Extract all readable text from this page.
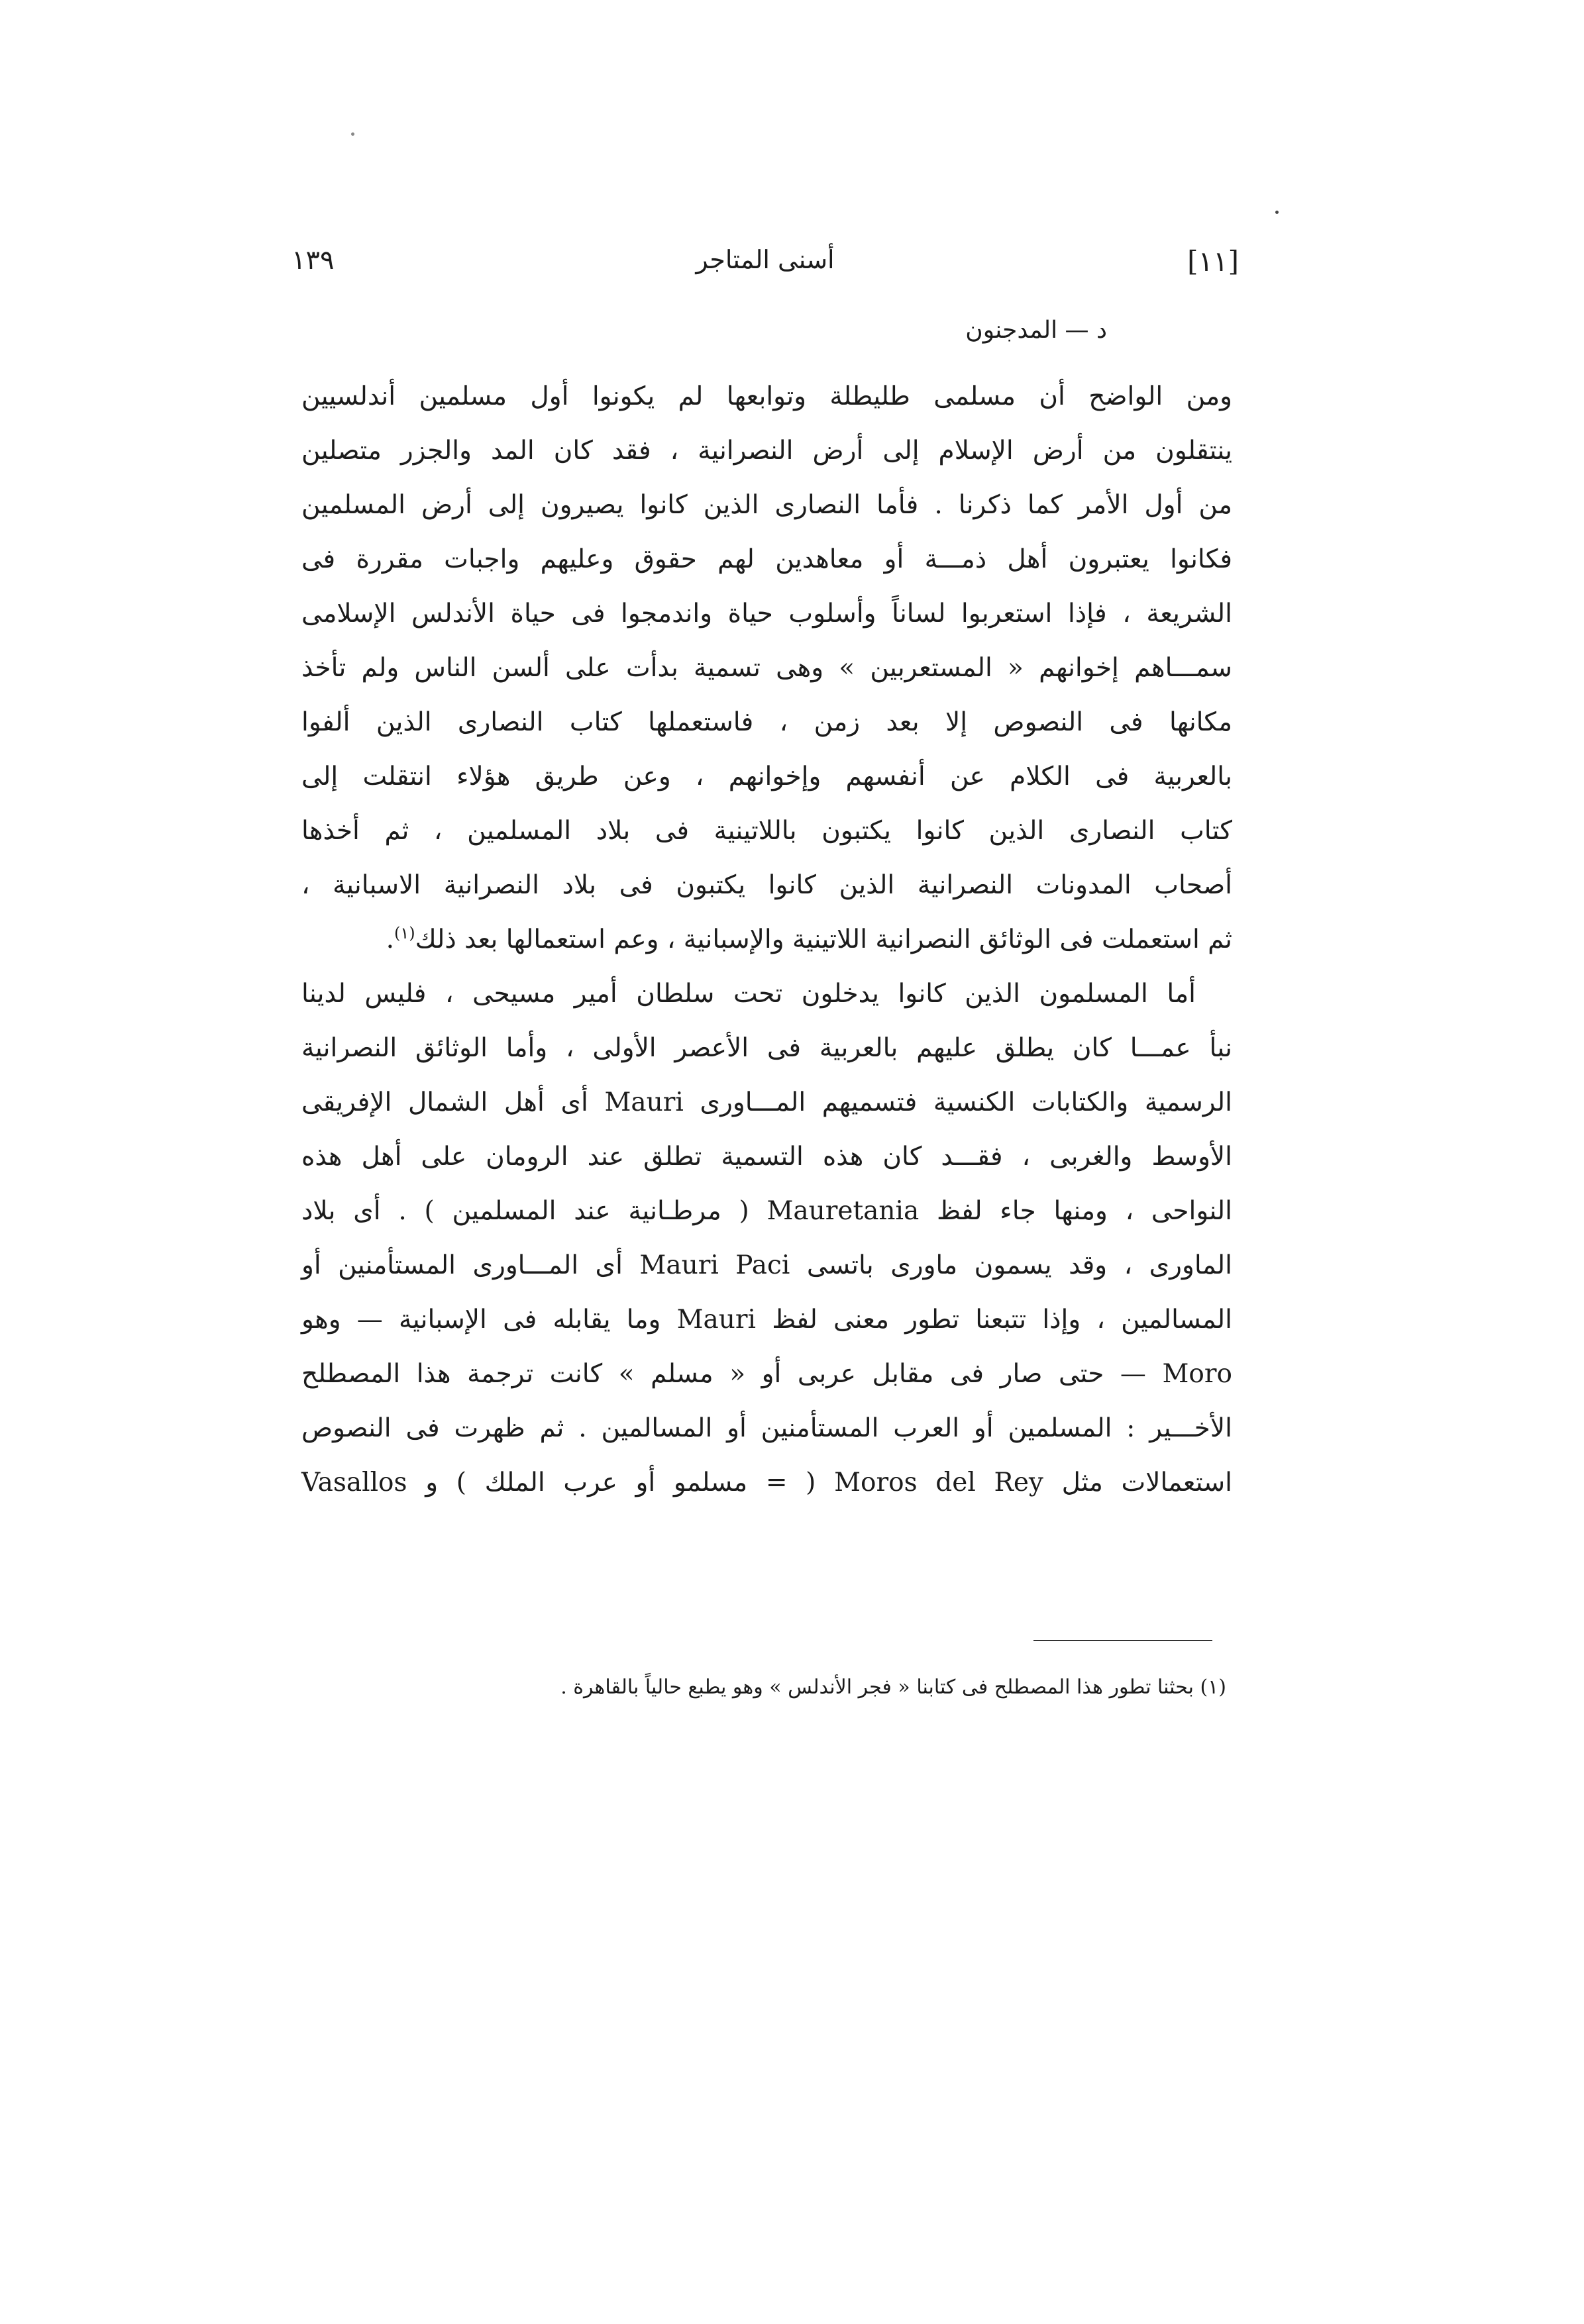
[١١]
أسنى المتاجر
١٣٩
د — المدجنون

ومن الواضح أن مسلمى طليطلة وتوابعها لم يكونوا أول مسلمين أندلسيين

ينتقلون من أرض الإسلام إلى أرض النصرانية ، فقد كان المد والجزر متصلين

من أول الأمر كما ذكرنا . فأما النصارى الذين كانوا يصيرون إلى أرض المسلمين

فكانوا يعتبرون أهل ذمـــة أو معاهدين لهم حقوق وعليهم واجبات مقررة فى

الشريعة ، فإذا استعربوا لساناً وأسلوب حياة واندمجوا فى حياة الأندلس الإسلامى

سمـــاهم إخوانهم « المستعربين » وهى تسمية بدأت على ألسن الناس ولم تأخذ

مكانها فى النصوص إلا بعد زمن ، فاستعملها كتاب النصارى الذين ألفوا

بالعربية فى الكلام عن أنفسهم وإخوانهم ، وعن طريق هؤلاء انتقلت إلى

كتاب النصارى الذين كانوا يكتبون باللاتينية فى بلاد المسلمين ، ثم أخذها

أصحاب المدونات النصرانية الذين كانوا يكتبون فى بلاد النصرانية الاسبانية ،

ثم استعملت فى الوثائق النصرانية اللاتينية والإسبانية ، وعم استعمالها بعد ذلك$^{(١)}$.

أما المسلمون الذين كانوا يدخلون تحت سلطان أمير مسيحى ، فليس لدينا

نبأ عمـــا كان يطلق عليهم بالعربية فى الأعصر الأولى ، وأما الوثائق النصرانية

الرسمية والكتابات الكنسية فتسميهم المـــاورى Mauri أى أهل الشمال الإفريقى

الأوسط والغربى ، فقـــد كان هذه التسمية تطلق عند الرومان على أهل هذه

النواحى ، ومنها جاء لفظ Mauretania ( مرطـانية عند المسلمين ) . أى بلاد

الماورى ، وقد يسمون ماورى باتسى Mauri Paci أى المـــاورى المستأمنين أو

المسالمين ، وإذا تتبعنا تطور معنى لفظ Mauri وما يقابله فى الإسبانية — وهو

Moro — حتى صار فى مقابل عربى أو « مسلم » كانت ترجمة هذا المصطلح

الأخـــير : المسلمين أو العرب المستأمنين أو المسالمين . ثم ظهرت فى النصوص

استعمالات مثل Moros del Rey ( = مسلمو أو عرب الملك ) و Vasallos

(١) بحثنا تطور هذا المصطلح فى كتابنا « فجر الأندلس » وهو يطبع حالياً بالقاهرة .
